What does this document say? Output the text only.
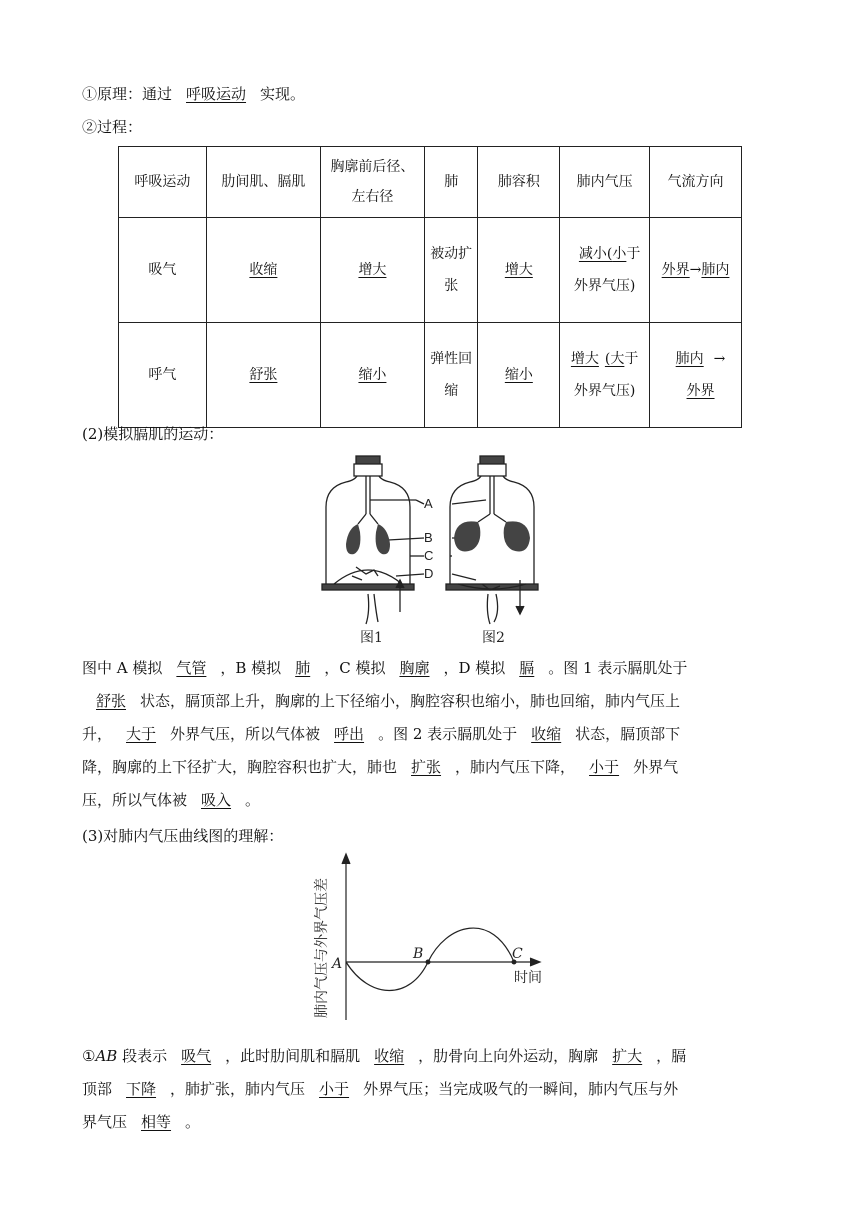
①原理：通过 呼吸运动 实现。
②过程：
呼吸运动	肋间肌、膈肌	胸廓前后径、左右径	肺	肺容积	肺内气压	气流方向
吸气	收缩	增大	被动扩张	增大	减小(小于外界气压)	外界→肺内
呼气	舒张	缩小	弹性回缩	缩小	增大 (大于外界气压)	肺内 →外界
(2)模拟膈肌的运动：
A
B
C
D
图1	图2
图中 A 模拟 气管 ，B 模拟 肺 ，C 模拟 胸廓 ，D 模拟 膈 。图 1 表示膈肌处于
舒张 状态，膈顶部上升，胸廓的上下径缩小，胸腔容积也缩小，肺也回缩，肺内气压上
升， 大于 外界气压，所以气体被 呼出 。图 2 表示膈肌处于 收缩 状态，膈顶部下
降，胸廓的上下径扩大，胸腔容积也扩大，肺也 扩张 ，肺内气压下降， 小于 外界气
压，所以气体被 吸入 。
(3)对肺内气压曲线图的理解：
A
B	C
时间
肺内气压与外界气压差
①AB 段表示 吸气 ，此时肋间肌和膈肌 收缩 ，肋骨向上向外运动，胸廓 扩大 ，膈
顶部 下降 ，肺扩张，肺内气压 小于 外界气压；当完成吸气的一瞬间，肺内气压与外
界气压 相等 。
